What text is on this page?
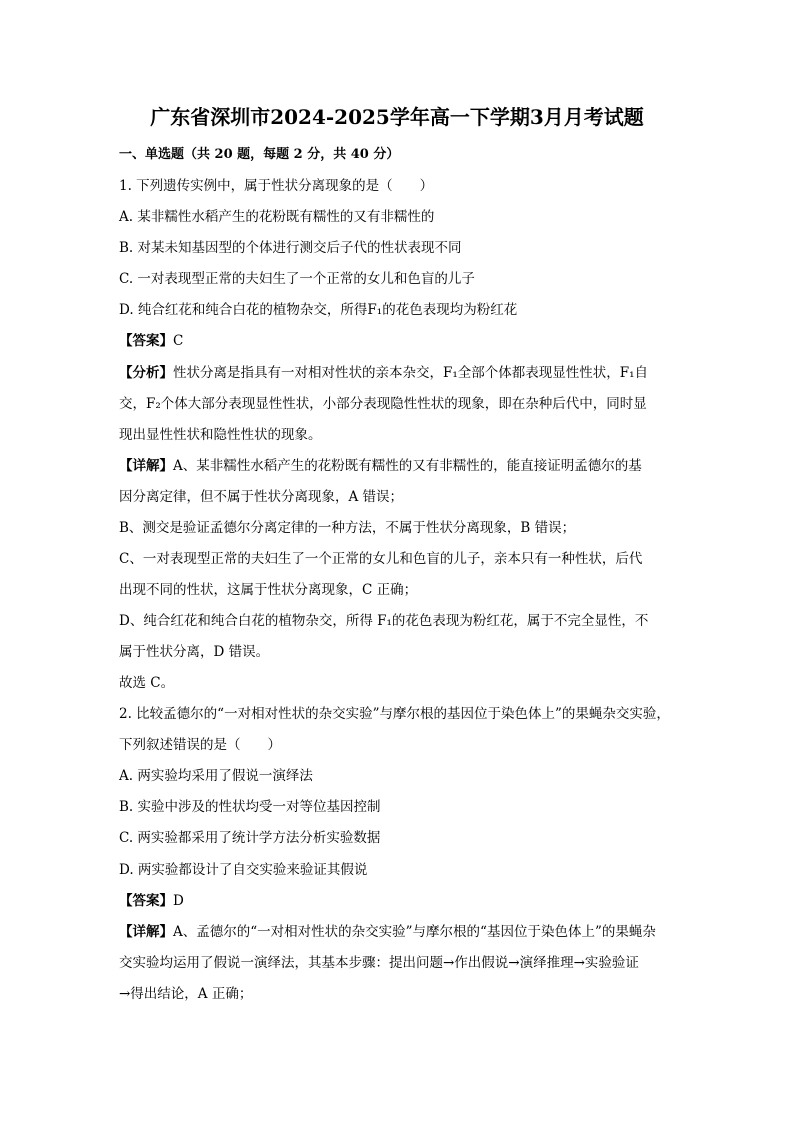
广东省深圳市2024-2025学年高一下学期3月月考试题
一、单选题（共 20 题，每题 2 分，共 40 分）
1. 下列遗传实例中，属于性状分离现象的是（　　）
A. 某非糯性水稻产生的花粉既有糯性的又有非糯性的
B. 对某未知基因型的个体进行测交后子代的性状表现不同
C. 一对表现型正常的夫妇生了一个正常的女儿和色盲的儿子
D. 纯合红花和纯合白花的植物杂交，所得F₁的花色表现均为粉红花
【答案】C
【分析】性状分离是指具有一对相对性状的亲本杂交，F₁全部个体都表现显性性状，F₁自
交，F₂个体大部分表现显性性状，小部分表现隐性性状的现象，即在杂种后代中，同时显
现出显性性状和隐性性状的现象。
【详解】A、某非糯性水稻产生的花粉既有糯性的又有非糯性的，能直接证明孟德尔的基
因分离定律，但不属于性状分离现象，A 错误；
B、测交是验证孟德尔分离定律的一种方法，不属于性状分离现象，B 错误；
C、一对表现型正常的夫妇生了一个正常的女儿和色盲的儿子，亲本只有一种性状，后代
出现不同的性状，这属于性状分离现象，C 正确；
D、纯合红花和纯合白花的植物杂交，所得 F₁的花色表现为粉红花，属于不完全显性，不
属于性状分离，D 错误。
故选 C。
2. 比较孟德尔的“一对相对性状的杂交实验”与摩尔根的基因位于染色体上”的果蝇杂交实验，
下列叙述错误的是（　　）
A. 两实验均采用了假说一演绎法
B. 实验中涉及的性状均受一对等位基因控制
C. 两实验都采用了统计学方法分析实验数据
D. 两实验都设计了自交实验来验证其假说
【答案】D
【详解】A、孟德尔的“一对相对性状的杂交实验”与摩尔根的“基因位于染色体上”的果蝇杂
交实验均运用了假说一演绎法，其基本步骤：提出问题→作出假说→演绎推理→实验验证
→得出结论，A 正确；
